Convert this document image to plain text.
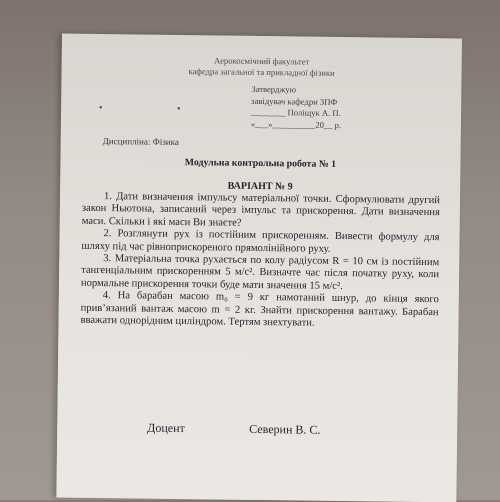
Аерокосмічний факультет
кафедра загальної та прикладної фізики
▪	▪
Затверджую
завідувач кафедри ЗПФ
________ Поліщук А. П.
«___»__________20__ р.
Дисципліна: Фізика
Модульна контрольна робота № 1
ВАРІАНТ № 9

1. Дати визначення імпульсу матеріальної точки. Сформулювати другий закон Ньютона, записаний через імпульс та прискорення. Дати визначення маси. Скільки і які маси Ви знаєте?

2. Розглянути рух із постійним прискоренням. Вивести формулу для шляху під час рівноприскореного прямолінійного руху.

3. Матеріальна точка рухається по колу радіусом R = 10 см із постійним тангенціальним прискоренням 5 м/с². Визначте час після початку руху, коли нормальне прискорення точки буде мати значення 15 м/с².

4. На барабан масою m₀ = 9 кг намотаний шнур, до кінця якого прив’язаний вантаж масою m = 2 кг. Знайти прискорення вантажу. Барабан вважати однорідним циліндром. Тертям знехтувати.

Доцент	Северин В. С.
